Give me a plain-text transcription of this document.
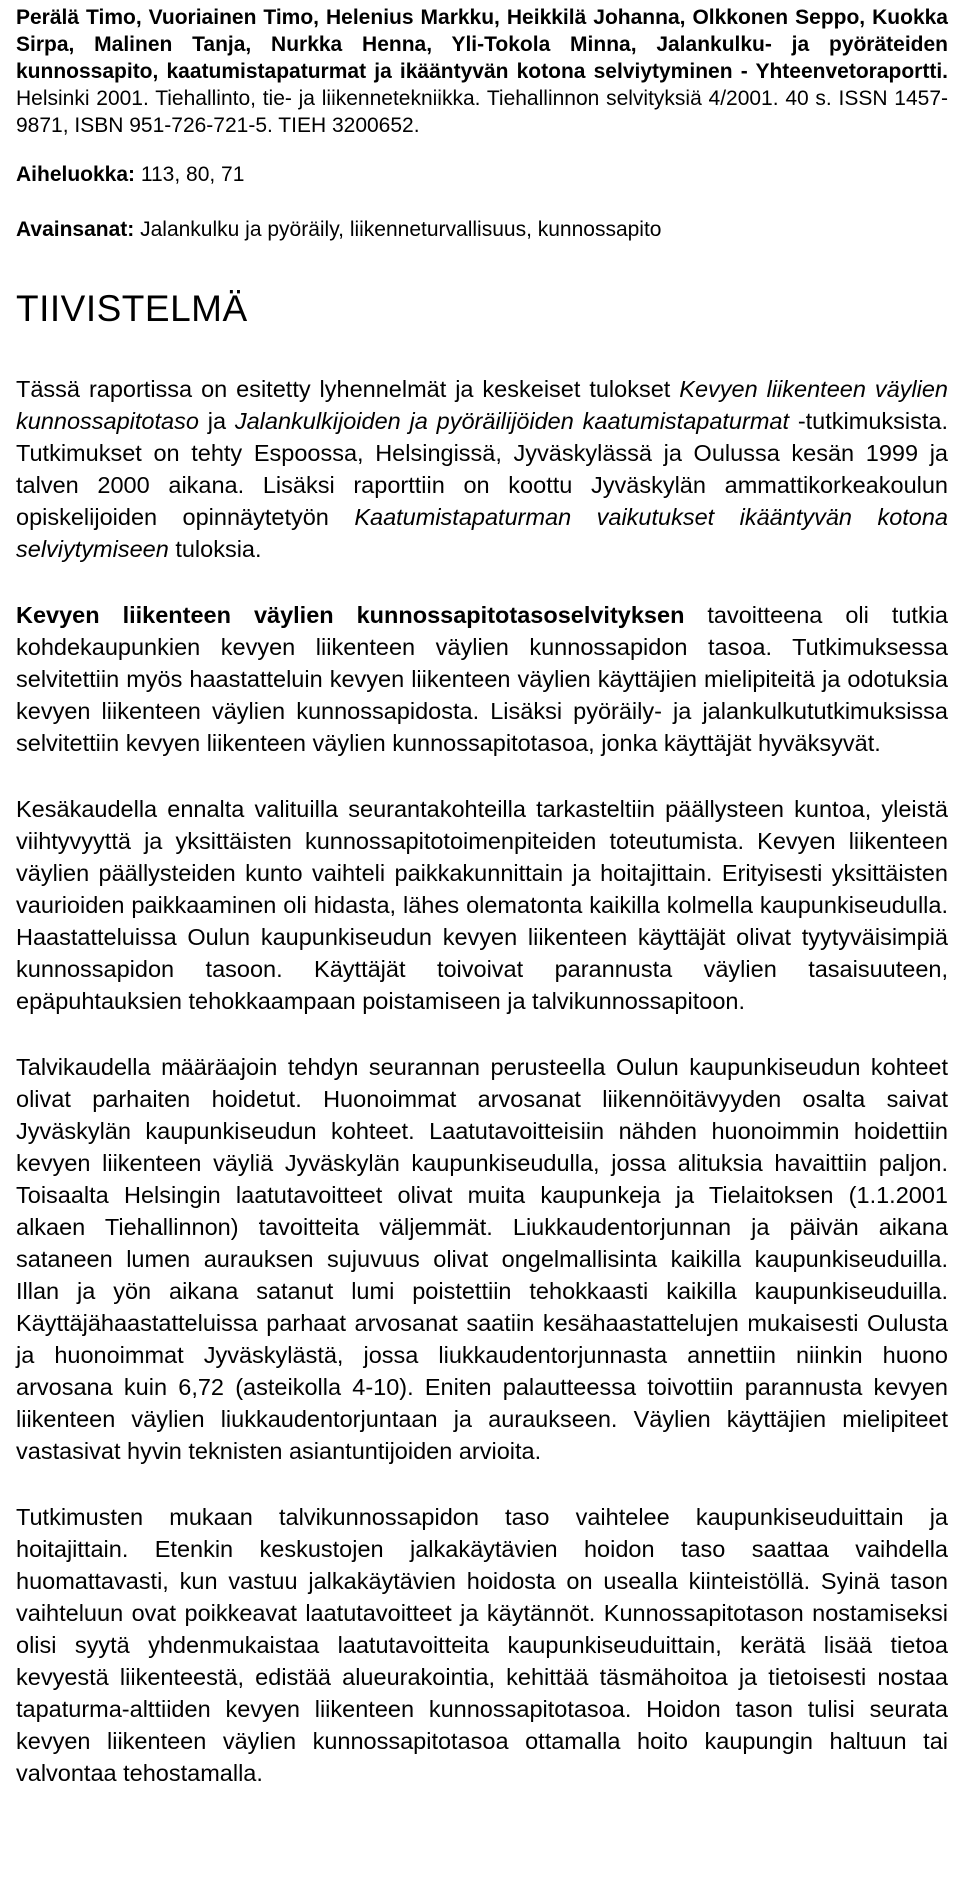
Perälä Timo, Vuoriainen Timo, Helenius Markku, Heikkilä Johanna, Olkkonen Seppo, Kuokka Sirpa, Malinen Tanja, Nurkka Henna, Yli-Tokola Minna, Jalankulku- ja pyöräteiden kunnossapito, kaatumistapaturmat ja ikääntyvän kotona selviytyminen - Yhteenvetoraportti. Helsinki 2001. Tiehallinto, tie- ja liikennetekniikka. Tiehallinnon selvityksiä 4/2001. 40 s. ISSN 1457-9871, ISBN 951-726-721-5. TIEH 3200652.

Aiheluokka: 113, 80, 71

Avainsanat: Jalankulku ja pyöräily, liikenneturvallisuus, kunnossapito

TIIVISTELMÄ

Tässä raportissa on esitetty lyhennelmät ja keskeiset tulokset Kevyen liikenteen väylien kunnossapitotaso ja Jalankulkijoiden ja pyöräilijöiden kaatumistapaturmat -tutkimuksista. Tutkimukset on tehty Espoossa, Helsingissä, Jyväskylässä ja Oulussa kesän 1999 ja talven 2000 aikana. Lisäksi raporttiin on koottu Jyväskylän ammattikorkeakoulun opiskelijoiden opinnäytetyön Kaatumistapaturman vaikutukset ikääntyvän kotona selviytymiseen tuloksia.

Kevyen liikenteen väylien kunnossapitotasoselvityksen tavoitteena oli tutkia kohdekaupunkien kevyen liikenteen väylien kunnossapidon tasoa. Tutkimuksessa selvitettiin myös haastatteluin kevyen liikenteen väylien käyttäjien mielipiteitä ja odotuksia kevyen liikenteen väylien kunnossapidosta. Lisäksi pyöräily- ja jalankulkututkimuksissa selvitettiin kevyen liikenteen väylien kunnossapitotasoa, jonka käyttäjät hyväksyvät.

Kesäkaudella ennalta valituilla seurantakohteilla tarkasteltiin päällysteen kuntoa, yleistä viihtyvyyttä ja yksittäisten kunnossapitotoimenpiteiden toteutumista. Kevyen liikenteen väylien päällysteiden kunto vaihteli paikkakunnittain ja hoitajittain. Erityisesti yksittäisten vaurioiden paikkaaminen oli hidasta, lähes olematonta kaikilla kolmella kaupunkiseudulla. Haastatteluissa Oulun kaupunkiseudun kevyen liikenteen käyttäjät olivat tyytyväisimpiä kunnossapidon tasoon. Käyttäjät toivoivat parannusta väylien tasaisuuteen, epäpuhtauksien tehokkaampaan poistamiseen ja talvikunnossapitoon.

Talvikaudella määräajoin tehdyn seurannan perusteella Oulun kaupunkiseudun kohteet olivat parhaiten hoidetut. Huonoimmat arvosanat liikennöitävyyden osalta saivat Jyväskylän kaupunkiseudun kohteet. Laatutavoitteisiin nähden huonoimmin hoidettiin kevyen liikenteen väyliä Jyväskylän kaupunkiseudulla, jossa alituksia havaittiin paljon. Toisaalta Helsingin laatutavoitteet olivat muita kaupunkeja ja Tielaitoksen (1.1.2001 alkaen Tiehallinnon) tavoitteita väljemmät. Liukkaudentorjunnan ja päivän aikana sataneen lumen aurauksen sujuvuus olivat ongelmallisinta kaikilla kaupunkiseuduilla. Illan ja yön aikana satanut lumi poistettiin tehokkaasti kaikilla kaupunkiseuduilla. Käyttäjähaastatteluissa parhaat arvosanat saatiin kesähaastattelujen mukaisesti Oulusta ja huonoimmat Jyväskylästä, jossa liukkaudentorjunnasta annettiin niinkin huono arvosana kuin 6,72 (asteikolla 4-10). Eniten palautteessa toivottiin parannusta kevyen liikenteen väylien liukkaudentorjuntaan ja auraukseen. Väylien käyttäjien mielipiteet vastasivat hyvin teknisten asiantuntijoiden arvioita.

Tutkimusten mukaan talvikunnossapidon taso vaihtelee kaupunkiseuduittain ja hoitajittain. Etenkin keskustojen jalkakäytävien hoidon taso saattaa vaihdella huomattavasti, kun vastuu jalkakäytävien hoidosta on usealla kiinteistöllä. Syinä tason vaihteluun ovat poikkeavat laatutavoitteet ja käytännöt. Kunnossapitotason nostamiseksi olisi syytä yhdenmukaistaa laatutavoitteita kaupunkiseuduittain, kerätä lisää tietoa kevyestä liikenteestä, edistää alueurakointia, kehittää täsmähoitoa ja tietoisesti nostaa tapaturma-alttiiden kevyen liikenteen kunnossapitotasoa. Hoidon tason tulisi seurata kevyen liikenteen väylien kunnossapitotasoa ottamalla hoito kaupungin haltuun tai valvontaa tehostamalla.
